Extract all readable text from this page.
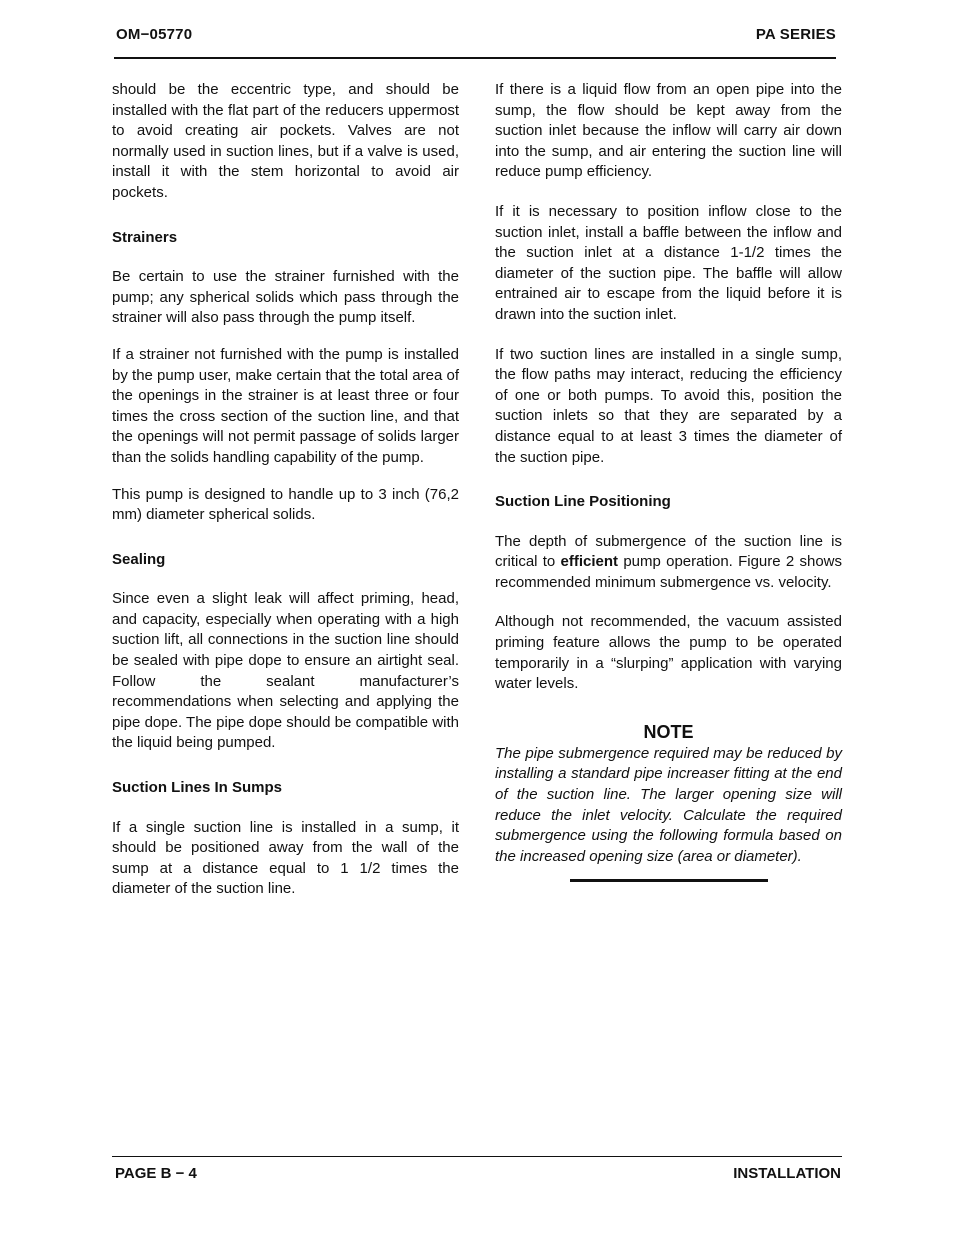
OM−05770	PA SERIES

should be the eccentric type, and should be installed with the flat part of the reducers uppermost to avoid creating air pockets. Valves are not normally used in suction lines, but if a valve is used, install it with the stem horizontal to avoid air pockets.

Strainers

Be certain to use the strainer furnished with the pump; any spherical solids which pass through the strainer will also pass through the pump itself.

If a strainer not furnished with the pump is installed by the pump user, make certain that the total area of the openings in the strainer is at least three or four times the cross section of the suction line, and that the openings will not permit passage of solids larger than the solids handling capability of the pump.

This pump is designed to handle up to 3 inch (76,2 mm) diameter spherical solids.

Sealing

Since even a slight leak will affect priming, head, and capacity, especially when operating with a high suction lift, all connections in the suction line should be sealed with pipe dope to ensure an airtight seal. Follow the sealant manufacturer’s recommendations when selecting and applying the pipe dope. The pipe dope should be compatible with the liquid being pumped.

Suction Lines In Sumps

If a single suction line is installed in a sump, it should be positioned away from the wall of the sump at a distance equal to 1 1/2 times the diameter of the suction line.

If there is a liquid flow from an open pipe into the sump, the flow should be kept away from the suction inlet because the inflow will carry air down into the sump, and air entering the suction line will reduce pump efficiency.

If it is necessary to position inflow close to the suction inlet, install a baffle between the inflow and the suction inlet at a distance 1-1/2 times the diameter of the suction pipe. The baffle will allow entrained air to escape from the liquid before it is drawn into the suction inlet.

If two suction lines are installed in a single sump, the flow paths may interact, reducing the efficiency of one or both pumps. To avoid this, position the suction inlets so that they are separated by a distance equal to at least 3 times the diameter of the suction pipe.

Suction Line Positioning

The depth of submergence of the suction line is critical to efficient pump operation. Figure 2 shows recommended minimum submergence vs. velocity.

Although not recommended, the vacuum assisted priming feature allows the pump to be operated temporarily in a “slurping” application with varying water levels.

NOTE

The pipe submergence required may be reduced by installing a standard pipe increaser fitting at the end of the suction line. The larger opening size will reduce the inlet velocity. Calculate the required submergence using the following formula based on the increased opening size (area or diameter).

PAGE B − 4	INSTALLATION
